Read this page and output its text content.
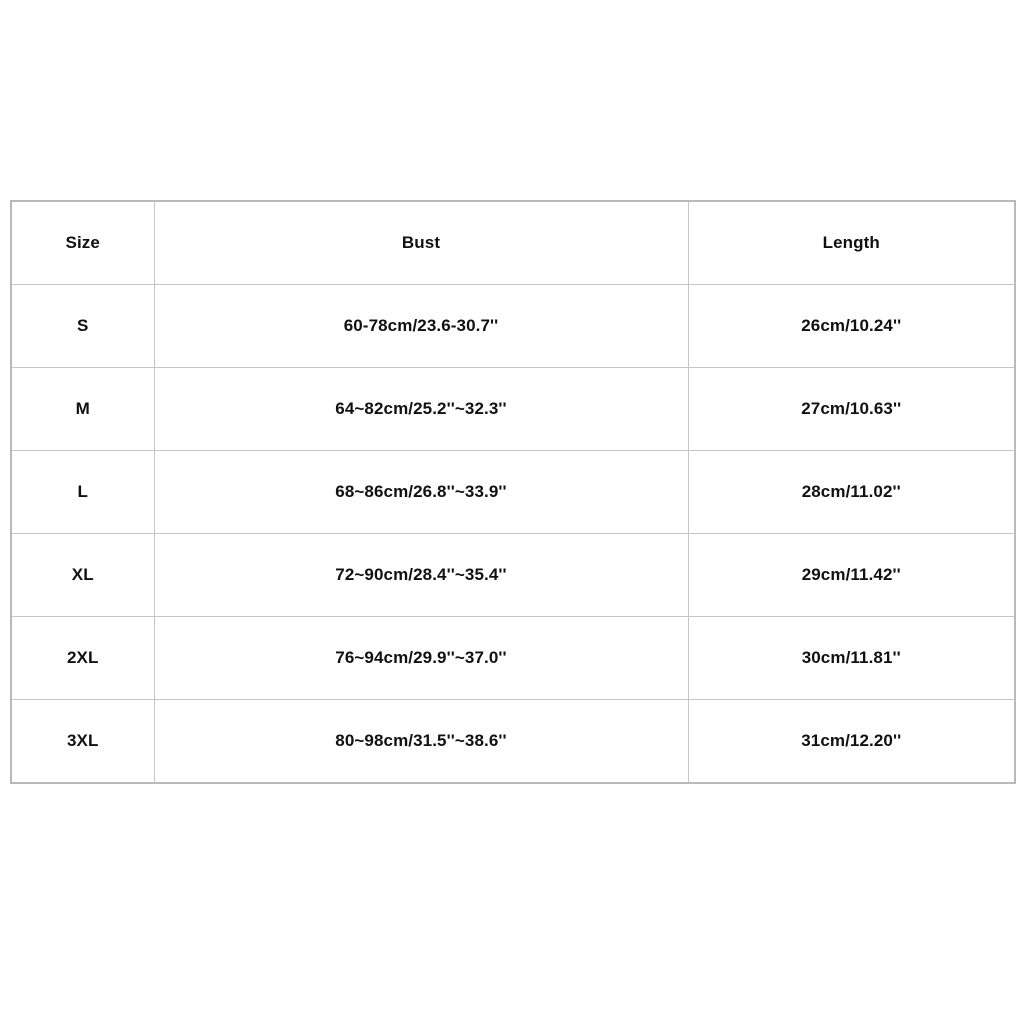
Size	Bust	Length
S	60-78cm/23.6-30.7''	26cm/10.24''
M	64~82cm/25.2''~32.3''	27cm/10.63''
L	68~86cm/26.8''~33.9''	28cm/11.02''
XL	72~90cm/28.4''~35.4''	29cm/11.42''
2XL	76~94cm/29.9''~37.0''	30cm/11.81''
3XL	80~98cm/31.5''~38.6''	31cm/12.20''
